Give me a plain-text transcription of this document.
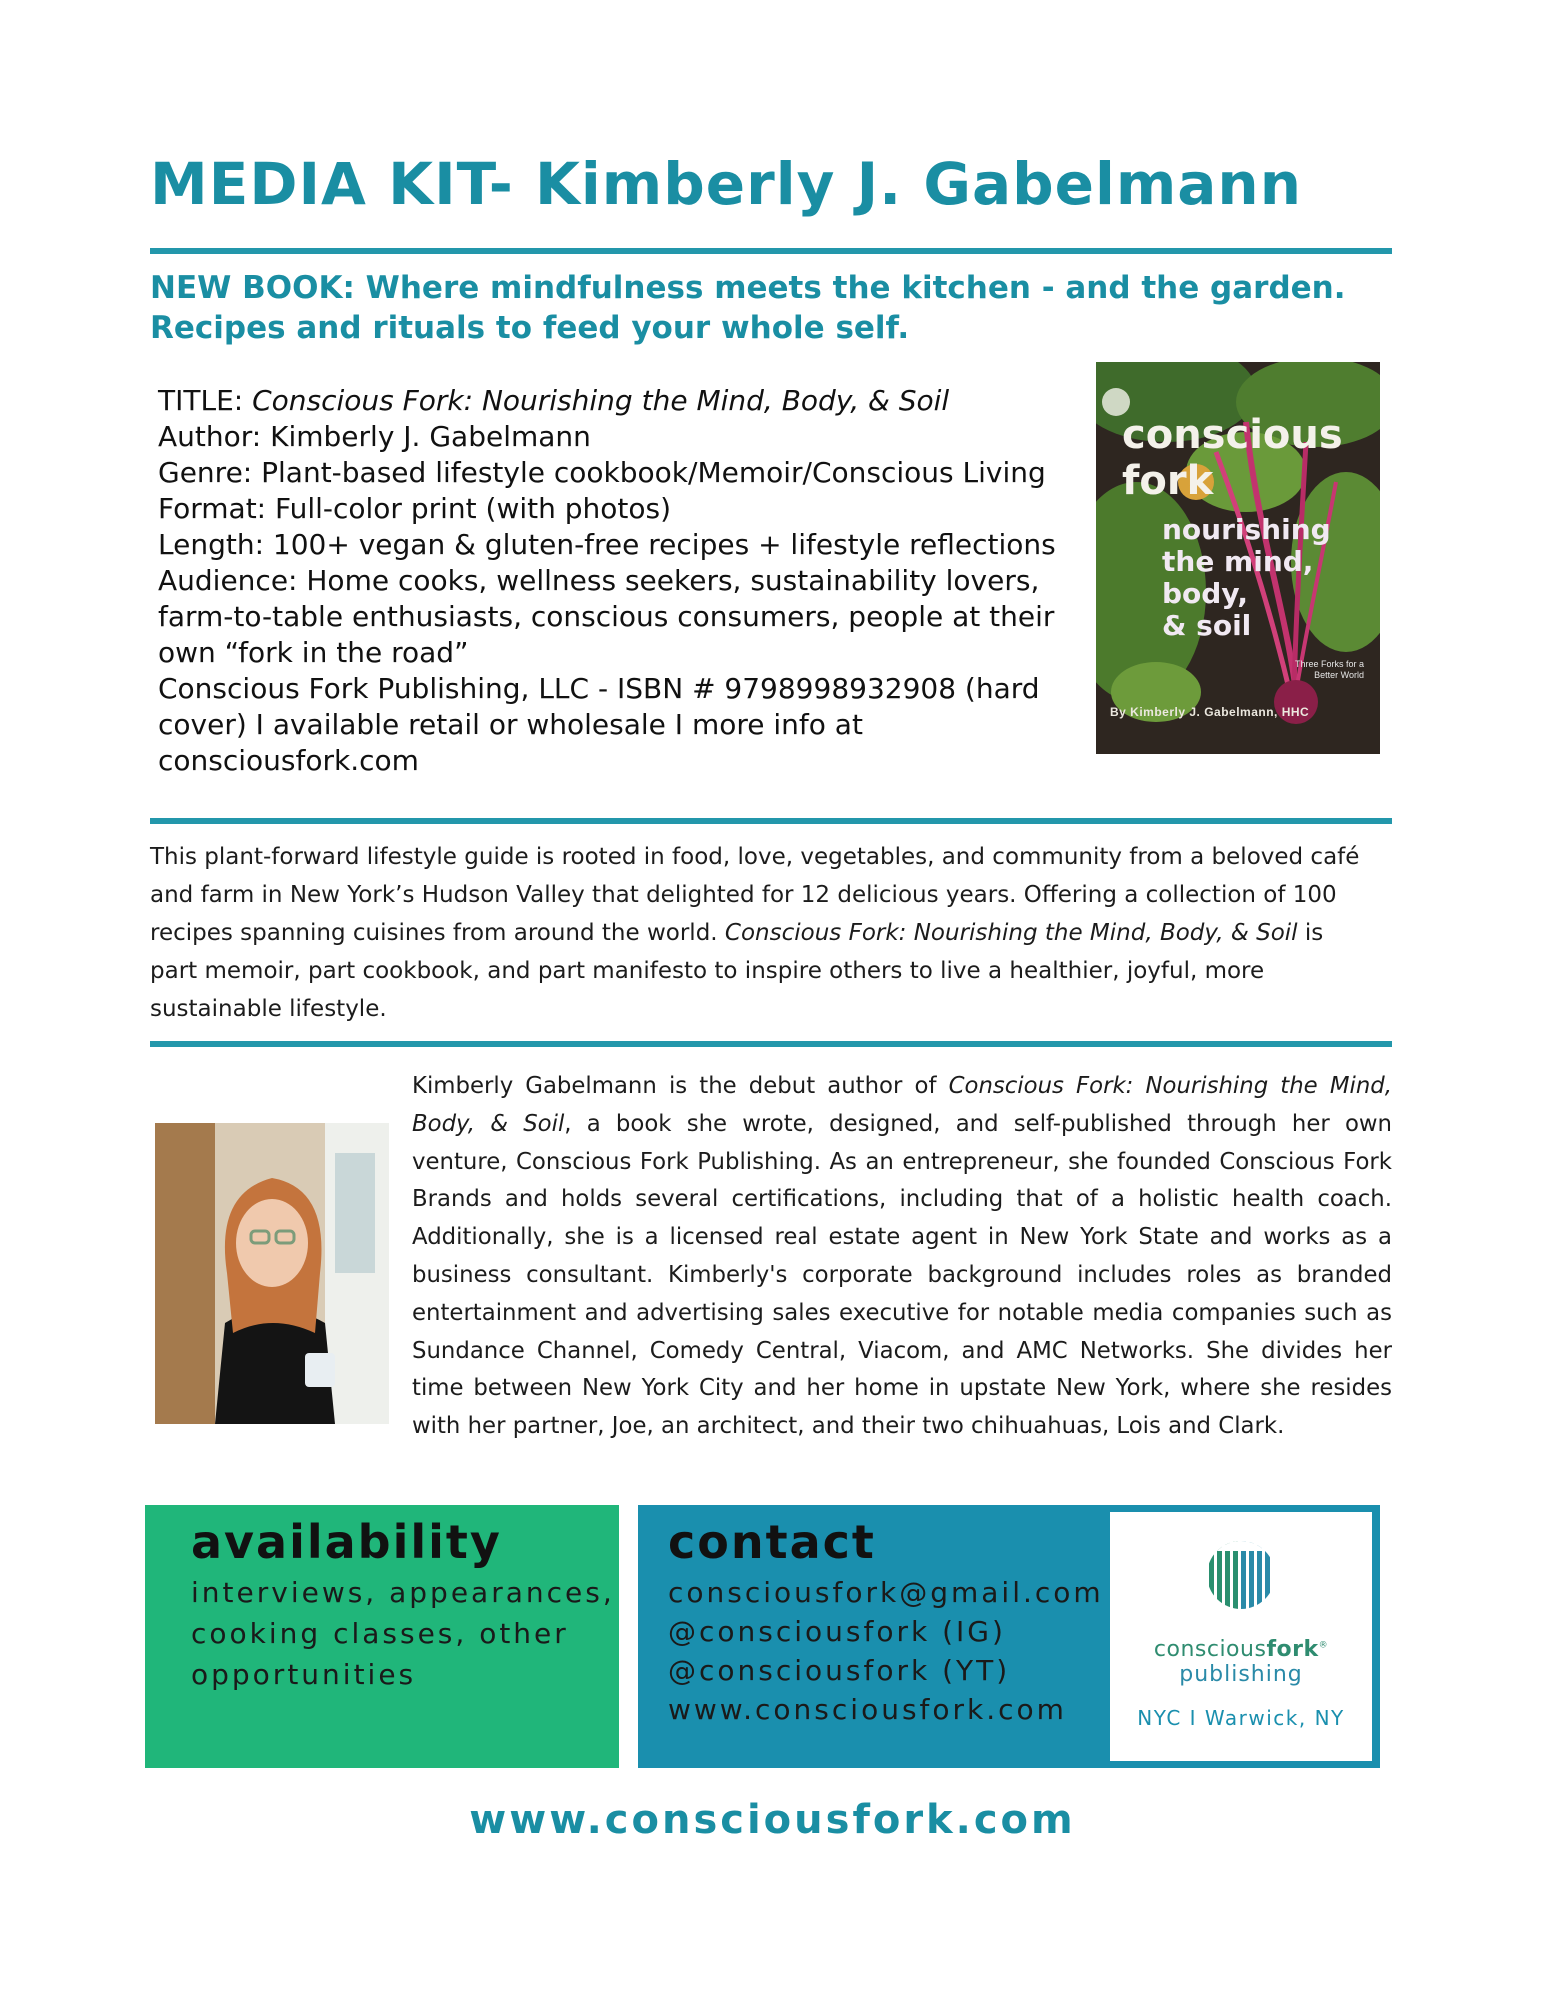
MEDIA KIT- Kimberly J. Gabelmann
NEW BOOK: Where mindfulness meets the kitchen - and the garden.
Recipes and rituals to feed your whole self.
TITLE: Conscious Fork: Nourishing the Mind, Body, & Soil
Author: Kimberly J. Gabelmann
Genre: Plant-based lifestyle cookbook/Memoir/Conscious Living
Format: Full-color print (with photos)
Length: 100+ vegan & gluten-free recipes + lifestyle reflections
Audience: Home cooks, wellness seekers, sustainability lovers, farm-to-table enthusiasts, conscious consumers, people at their own “fork in the road”
Conscious Fork Publishing, LLC - ISBN # 9798998932908 (hard cover) I available retail or wholesale I more info at consciousfork.com
conscious
fork
nourishing
the mind,
body,
& soil
Three Forks for a Better World
By Kimberly J. Gabelmann, HHC
This plant-forward lifestyle guide is rooted in food, love, vegetables, and community from a beloved café and farm in New York’s Hudson Valley that delighted for 12 delicious years. Offering a collection of 100 recipes spanning cuisines from around the world. Conscious Fork: Nourishing the Mind, Body, & Soil is part memoir, part cookbook, and part manifesto to inspire others to live a healthier, joyful, more sustainable lifestyle.
Kimberly Gabelmann is the debut author of Conscious Fork: Nourishing the Mind, Body, & Soil, a book she wrote, designed, and self-published through her own venture, Conscious Fork Publishing. As an entrepreneur, she founded Conscious Fork Brands and holds several certifications, including that of a holistic health coach. Additionally, she is a licensed real estate agent in New York State and works as a business consultant. Kimberly's corporate background includes roles as branded entertainment and advertising sales executive for notable media companies such as Sundance Channel, Comedy Central, Viacom, and AMC Networks. She divides her time between New York City and her home in upstate New York, where she resides with her partner, Joe, an architect, and their two chihuahuas, Lois and Clark.
availability
interviews, appearances,
cooking classes, other
opportunities
contact
consciousfork@gmail.com
@consciousfork (IG)
@consciousfork (YT)
www.consciousfork.com
consciousfork®
publishing
NYC I Warwick, NY
www.consciousfork.com
